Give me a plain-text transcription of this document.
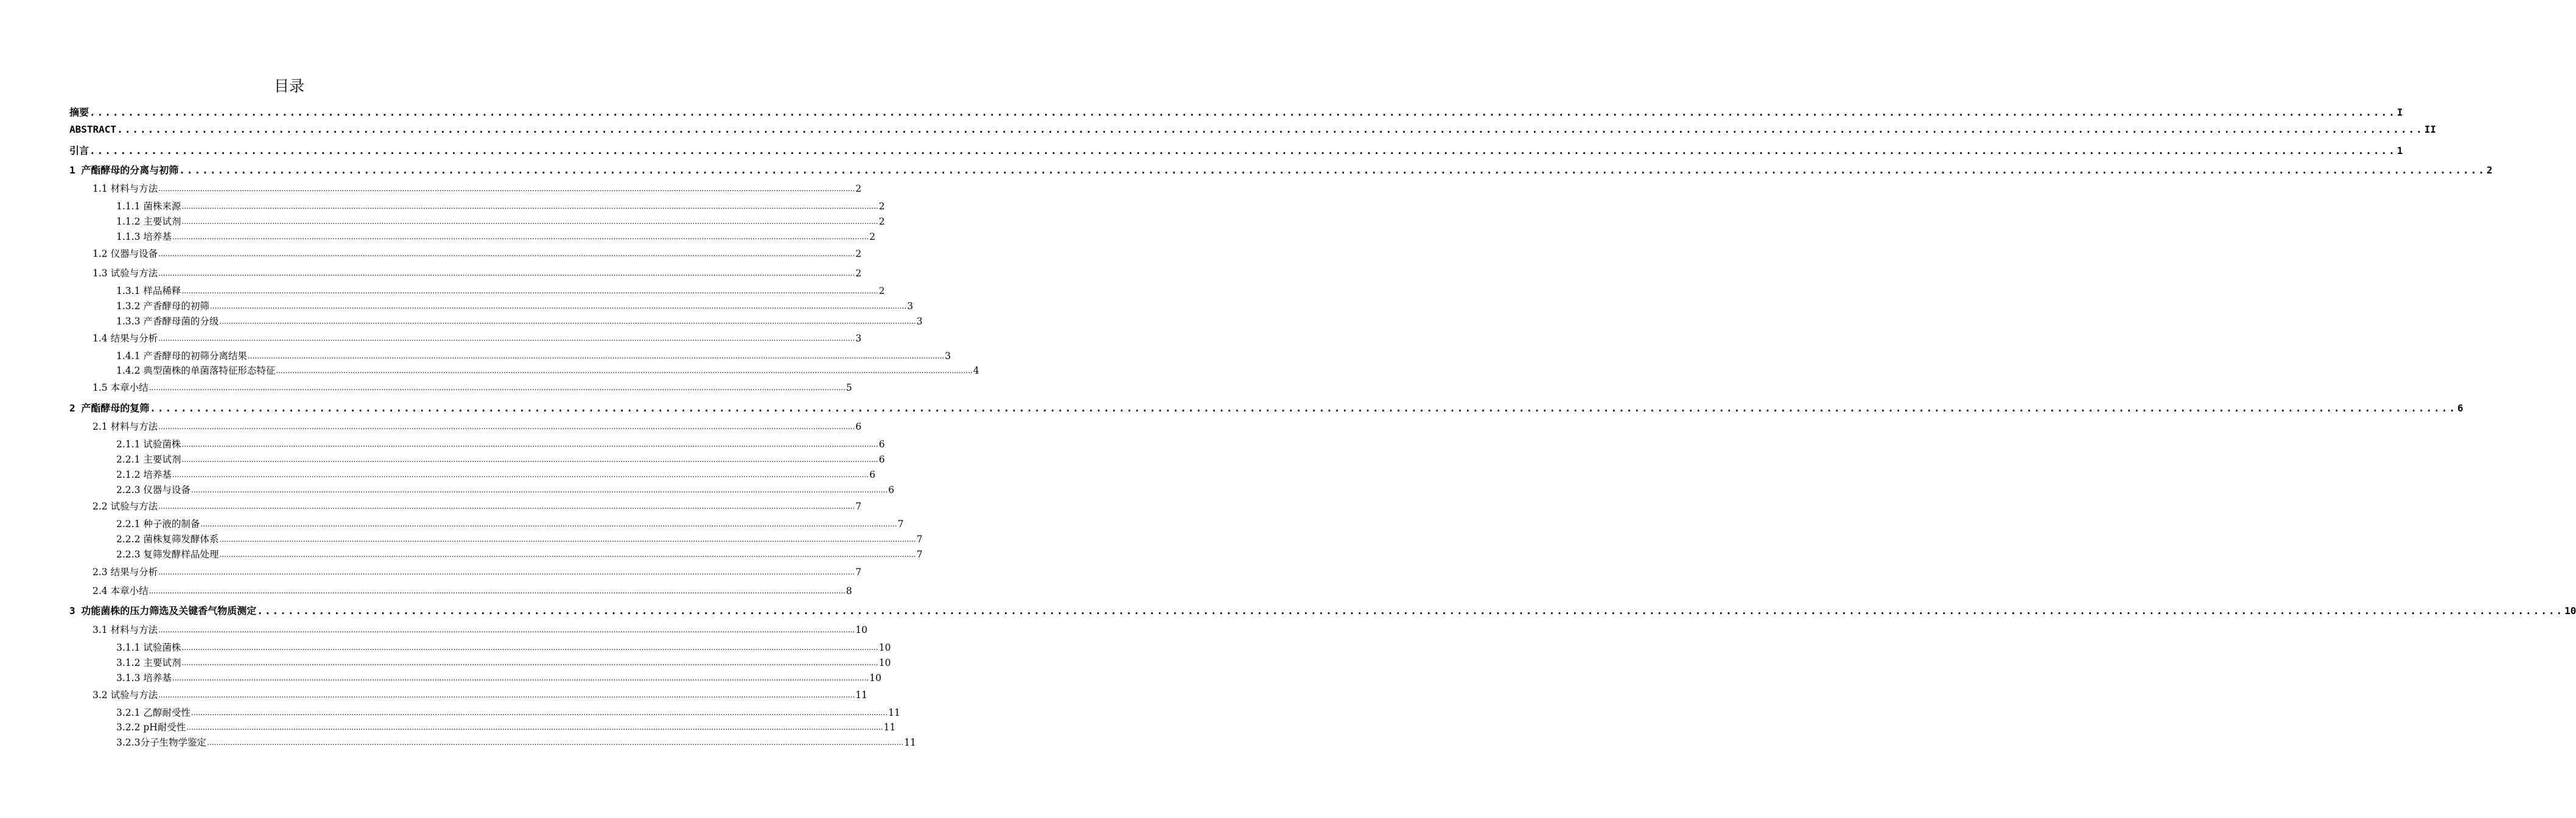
目录
摘要 ............................................................................................................................................................................................................................................................................................................ I
ABSTRACT ............................................................................................................................................................................................................................................................................................................ II
引言 ............................................................................................................................................................................................................................................................................................................ 1
1 产酯酵母的分离与初筛 ............................................................................................................................................................................................................................................................................................................ 2
1.1 材料与方法 ............................................................................................................................................................................................................................................................................................................ 2
1.1.1 菌株来源 ............................................................................................................................................................................................................................................................................................................ 2
1.1.2 主要试剂 ............................................................................................................................................................................................................................................................................................................ 2
1.1.3 培养基 ............................................................................................................................................................................................................................................................................................................ 2
1.2 仪器与设备 ............................................................................................................................................................................................................................................................................................................ 2
1.3 试验与方法 ............................................................................................................................................................................................................................................................................................................ 2
1.3.1 样品稀释 ............................................................................................................................................................................................................................................................................................................ 2
1.3.2 产香酵母的初筛 ............................................................................................................................................................................................................................................................................................................ 3
1.3.3 产香酵母菌的分级 ............................................................................................................................................................................................................................................................................................................ 3
1.4 结果与分析 ............................................................................................................................................................................................................................................................................................................ 3
1.4.1 产香酵母的初筛分离结果 ............................................................................................................................................................................................................................................................................................................ 3
1.4.2 典型菌株的单菌落特征形态特征 ............................................................................................................................................................................................................................................................................................................ 4
1.5 本章小结 ............................................................................................................................................................................................................................................................................................................ 5
2 产酯酵母的复筛 ............................................................................................................................................................................................................................................................................................................ 6
2.1 材料与方法 ............................................................................................................................................................................................................................................................................................................ 6
2.1.1 试验菌株 ............................................................................................................................................................................................................................................................................................................ 6
2.2.1 主要试剂 ............................................................................................................................................................................................................................................................................................................ 6
2.1.2 培养基 ............................................................................................................................................................................................................................................................................................................ 6
2.2.3 仪器与设备 ............................................................................................................................................................................................................................................................................................................ 6
2.2 试验与方法 ............................................................................................................................................................................................................................................................................................................ 7
2.2.1 种子液的制备 ............................................................................................................................................................................................................................................................................................................ 7
2.2.2 菌株复筛发酵体系 ............................................................................................................................................................................................................................................................................................................ 7
2.2.3 复筛发酵样品处理 ............................................................................................................................................................................................................................................................................................................ 7
2.3 结果与分析 ............................................................................................................................................................................................................................................................................................................ 7
2.4 本章小结 ............................................................................................................................................................................................................................................................................................................ 8
3 功能菌株的压力筛选及关键香气物质测定 ............................................................................................................................................................................................................................................................................................................ 10
3.1 材料与方法 ............................................................................................................................................................................................................................................................................................................ 10
3.1.1 试验菌株 ............................................................................................................................................................................................................................................................................................................ 10
3.1.2 主要试剂 ............................................................................................................................................................................................................................................................................................................ 10
3.1.3 培养基 ............................................................................................................................................................................................................................................................................................................ 10
3.2 试验与方法 ............................................................................................................................................................................................................................................................................................................ 11
3.2.1 乙醇耐受性 ............................................................................................................................................................................................................................................................................................................ 11
3.2.2 pH耐受性 ............................................................................................................................................................................................................................................................................................................ 11
3.2.3分子生物学鉴定 ............................................................................................................................................................................................................................................................................................................ 11
